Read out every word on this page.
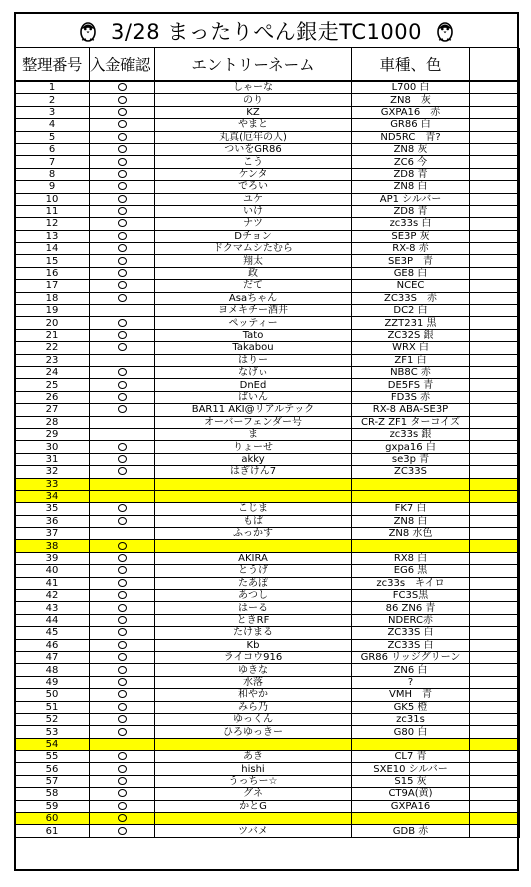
3/28 まったりぺん銀走TC1000
整理番号	入金確認	エントリーネーム	車種、色	
1		しゃーな	L700 白	
2		のり	ZN8　灰	
3		KZ	GXPA16　赤	
4		やまと	GR86 白	
5		丸真(厄年の人)	ND5RC　青?	
6		ついをGR86	ZN8 灰	
7		こう	ZC6 今	
8		ケンタ	ZD8 青	
9		でろい	ZN8 白	
10		ユケ	AP1 シルバー	
11		いけ	ZD8 青	
12		ナツ	zc33s 白	
13		Dチョン	SE3P 灰	
14		ドクマムシたむら	RX-8 赤	
15		翔太	SE3P　青	
16		政	GE8 白	
17		だて	NCEC	
18		Asaちゃん	ZC33S　赤	
19		ヨメキチー酒井	DC2 白	
20		ペッティー	ZZT231 黒	
21		Tato	ZC32S 銀	
22		Takabou	WRX 白	
23		はりー	ZF1 白	
24		なげぃ	NB8C 赤	
25		DnEd	DE5FS 青	
26		ばいん	FD3S 赤	
27		BAR11 AKI@リアルテック	RX-8 ABA-SE3P	
28		オーバーフェンダー号	CR-Z ZF1 ターコイズ	
29		ま	zc33s 銀	
30		りょーせ	gxpa16 白	
31		akky	se3p 青	
32		はぎけん7	ZC33S	
33				
34				
35		こじま	FK7 白	
36		もぱ	ZN8 白	
37		ふっかす	ZN8 水色	
38				
39		AKIRA	RX8 白	
40		とうげ	EG6 黒	
41		たあぽ	zc33s　キイロ	
42		あつし	FC3S黒	
43		はーる	86 ZN6 青	
44		ときRF	NDERC赤	
45		たけまる	ZC33S 白	
46		Kb	ZC33S 白	
47		ライコウ916	GR86 リッジグリーン	
48		ゆきな	ZN6 白	
49		水落	?	
50		和やか	VMH　青	
51		みら乃	GK5 橙	
52		ゆっくん	zc31s	
53		ひろゆっきー	G80 白	
54				
55		あき	CL7 青	
56		hishi	SXE10 シルバー	
57		うっちー☆	S15 灰	
58		グネ	CT9A(黄)	
59		かとG	GXPA16	
60				
61		ツバメ	GDB 赤	
